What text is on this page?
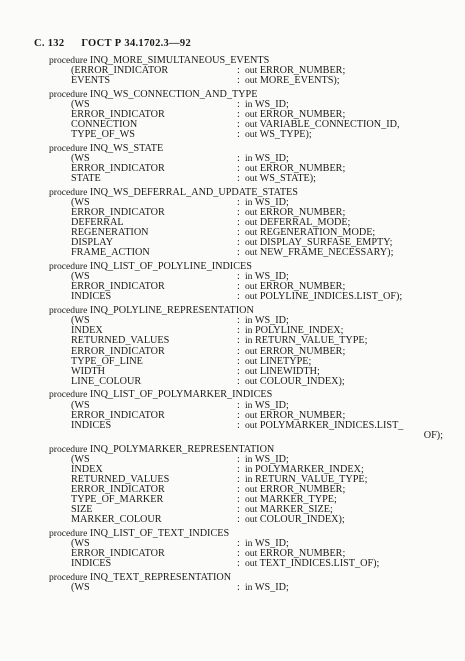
С. 132 ГОСТ Р 34.1702.3—92
procedure INQ_MORE_SIMULTANEOUS_EVENTS
(ERROR_INDICATOR	: out ERROR_NUMBER;
EVENTS	: out MORE_EVENTS);
procedure INQ_WS_CONNECTION_AND_TYPE
(WS	: in WS_ID;
ERROR_INDICATOR	: out ERROR_NUMBER;
CONNECTION	: out VARIABLE_CONNECTION_ID,
TYPE_OF_WS	: out WS_TYPE);
procedure INQ_WS_STATE
(WS	: in WS_ID;
ERROR_INDICATOR	: out ERROR_NUMBER;
STATE	: out WS_STATE);
procedure INQ_WS_DEFERRAL_AND_UPDATE_STATES
(WS	: in WS_ID;
ERROR_INDICATOR	: out ERROR_NUMBER;
DEFERRAL	: out DEFERRAL_MODE;
REGENERATION	: out REGENERATION_MODE;
DISPLAY	: out DISPLAY_SURFASE_EMPTY;
FRAME_ACTION	: out NEW_FRAME_NECESSARY);
procedure INQ_LIST_OF_POLYLINE_INDICES
(WS	: in WS_ID;
ERROR_INDICATOR	: out ERROR_NUMBER;
INDICES	: out POLYLINE_INDICES.LIST_OF);
procedure INQ_POLYLINE_REPRESENTATION
(WS	: in WS_ID;
INDEX	: in POLYLINE_INDEX;
RETURNED_VALUES	: in RETURN_VALUE_TYPE;
ERROR_INDICATOR	: out ERROR_NUMBER;
TYPE_OF_LINE	: out LINETYPE;
WIDTH	: out LINEWIDTH;
LINE_COLOUR	: out COLOUR_INDEX);
procedure INQ_LIST_OF_POLYMARKER_INDICES
(WS	: in WS_ID;
ERROR_INDICATOR	: out ERROR_NUMBER;
INDICES	: out POLYMARKER_INDICES.LIST_
OF);
procedure INQ_POLYMARKER_REPRESENTATION
(WS	: in WS_ID;
INDEX	: in POLYMARKER_INDEX;
RETURNED_VALUES	: in RETURN_VALUE_TYPE;
ERROR_INDICATOR	: out ERROR_NUMBER;
TYPE_OF_MARKER	: out MARKER_TYPE;
SIZE	: out MARKER_SIZE;
MARKER_COLOUR	: out COLOUR_INDEX);
procedure INQ_LIST_OF_TEXT_INDICES
(WS	: in WS_ID;
ERROR_INDICATOR	: out ERROR_NUMBER;
INDICES	: out TEXT_INDICES.LIST_OF);
procedure INQ_TEXT_REPRESENTATION
(WS	: in WS_ID;
